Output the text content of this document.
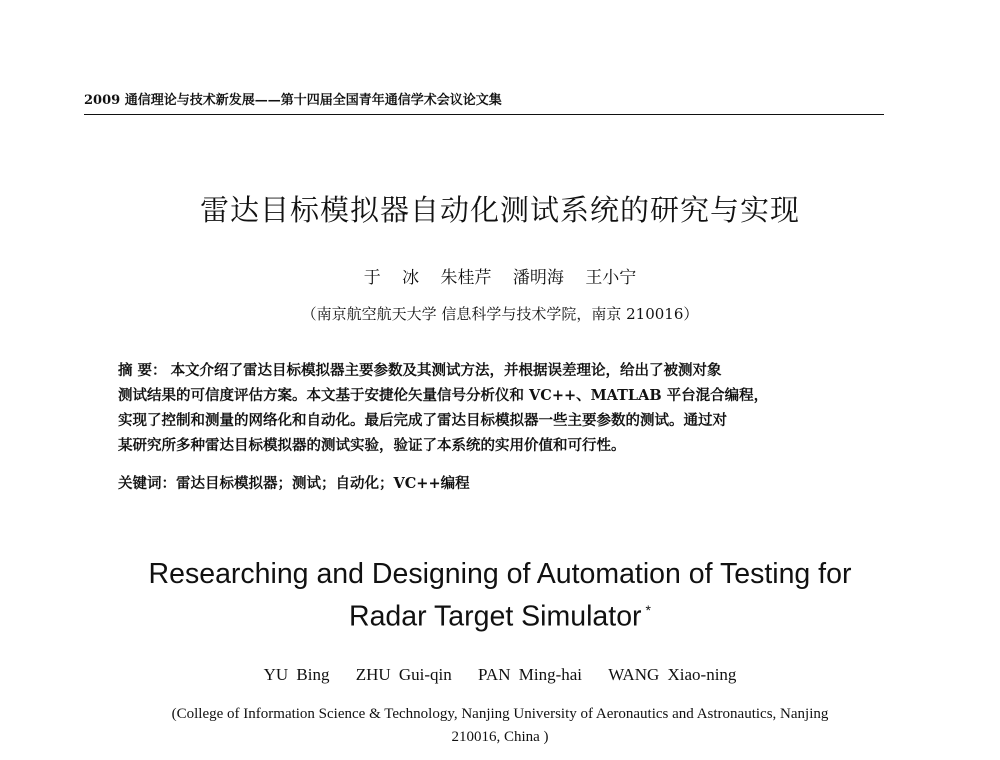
2009 通信理论与技术新发展——第十四届全国青年通信学术会议论文集
雷达目标模拟器自动化测试系统的研究与实现
于 冰 朱桂芹 潘明海 王小宁
（南京航空航天大学 信息科学与技术学院，南京 210016）
摘 要： 本文介绍了雷达目标模拟器主要参数及其测试方法，并根据误差理论，给出了被测对象
测试结果的可信度评估方案。本文基于安捷伦矢量信号分析仪和 VC++、MATLAB 平台混合编程，
实现了控制和测量的网络化和自动化。最后完成了雷达目标模拟器一些主要参数的测试。通过对
某研究所多种雷达目标模拟器的测试实验，验证了本系统的实用价值和可行性。
关键词：雷达目标模拟器；测试；自动化；VC++编程
Researching and Designing of Automation of Testing for
Radar Target Simulator *
YU Bing ZHU Gui-qin PAN Ming-hai WANG Xiao-ning
(College of Information Science & Technology, Nanjing University of Aeronautics and Astronautics, Nanjing
210016, China )
